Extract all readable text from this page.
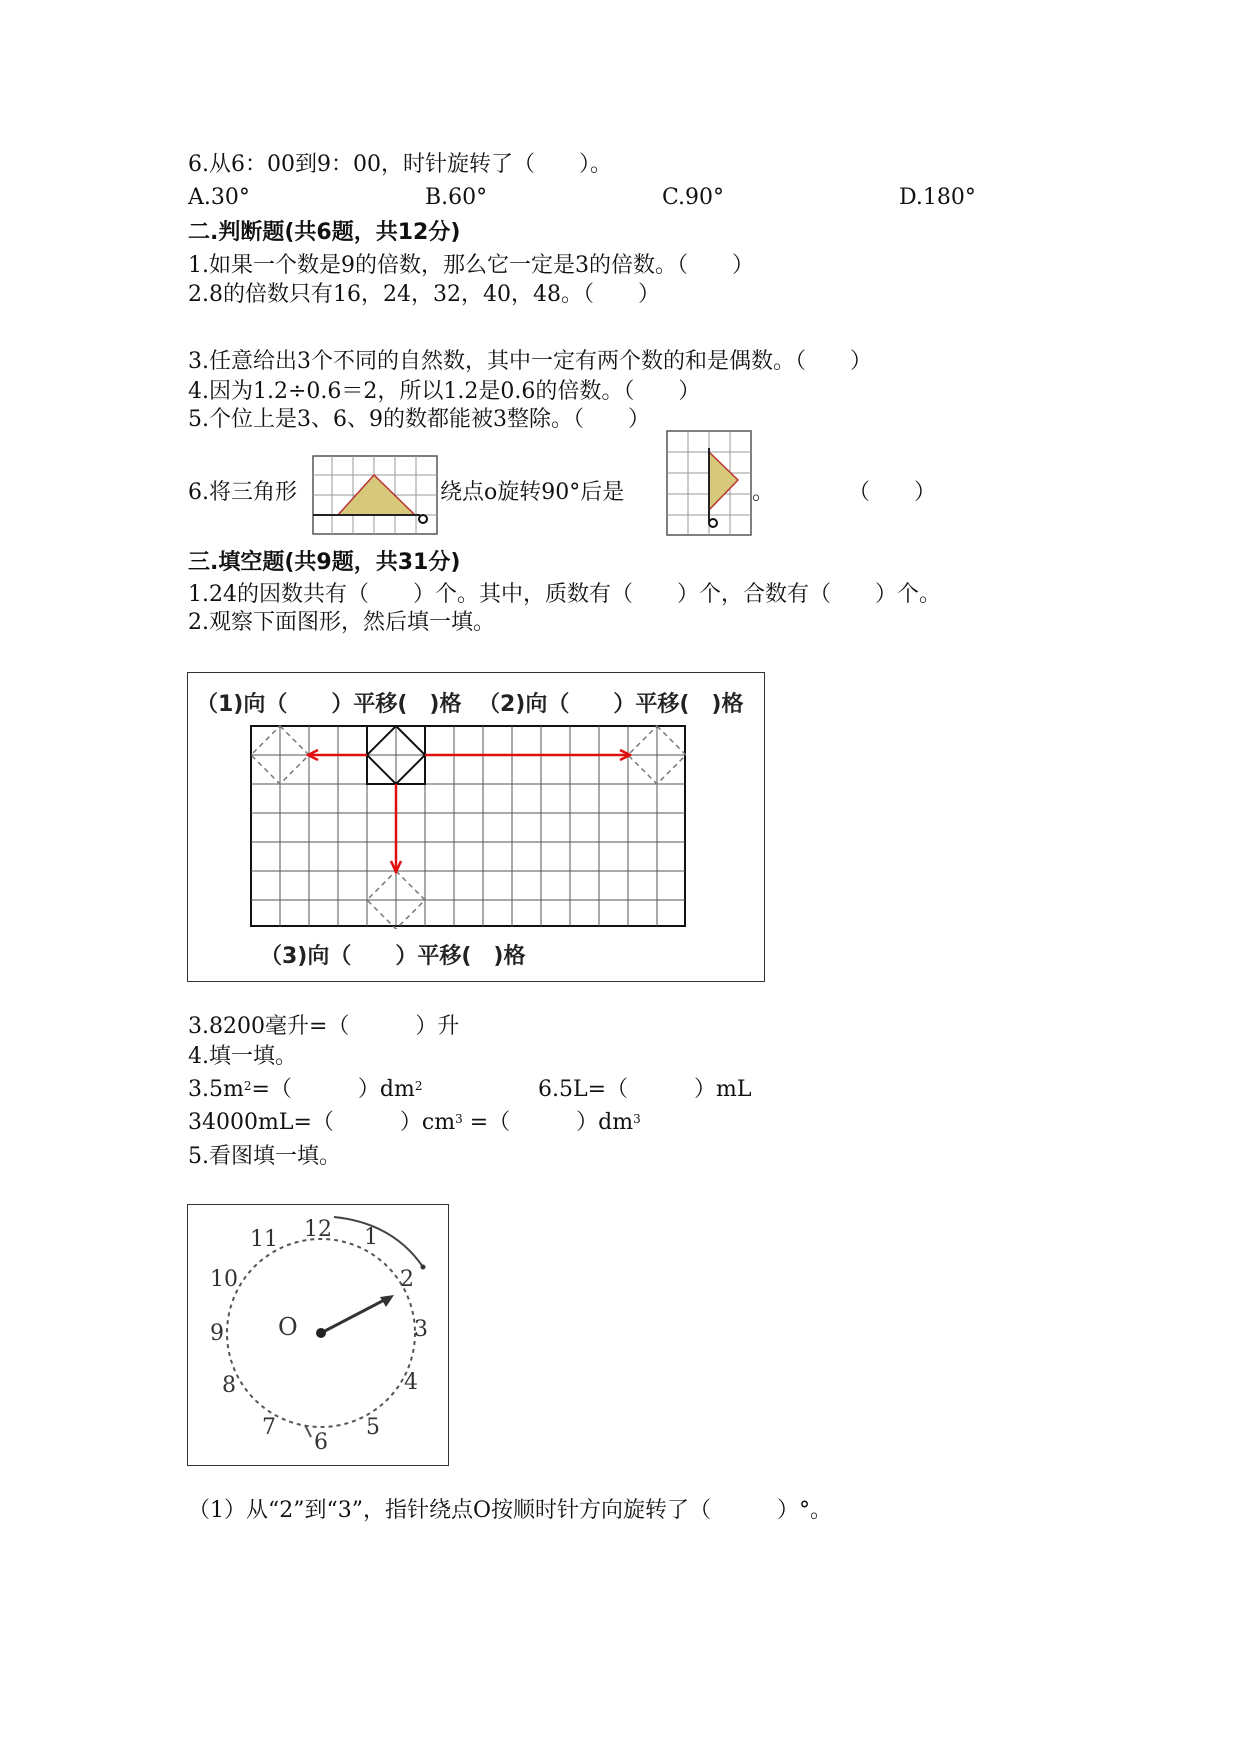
6.从6：00到9：00，时针旋转了（　　）。
A.30°	B.60°	C.90°	D.180°
二.判断题(共6题，共12分)
1.如果一个数是9的倍数，那么它一定是3的倍数。（　　）
2.8的倍数只有16，24，32，40，48。（　　）
3.任意给出3个不同的自然数，其中一定有两个数的和是偶数。（　　）
4.因为1.2÷0.6＝2，所以1.2是0.6的倍数。（　　）
5.个位上是3、6、9的数都能被3整除。（　　）
6.将三角形	绕点o旋转90°后是	。	（　　）
三.填空题(共9题，共31分)
1.24的因数共有（　　）个。其中，质数有（　　）个，合数有（　　）个。
2.观察下面图形，然后填一填。
（1)向（　　）平移(　)格 （2)向（　　）平移(　)格
（3)向（　　）平移(　)格
3.8200毫升=（　　　）升
4.填一填。
$3.5m^2=$（　　　）$dm^2$	6.5L=（　　　）mL
34000mL=（　　　）$cm^3$ =（　　　）$dm^3$
5.看图填一填。
O
12 1
2
3
4
5
6
7
8
9
10
11
（1）从“2”到“3”，指针绕点O按顺时针方向旋转了（　　　）°。
